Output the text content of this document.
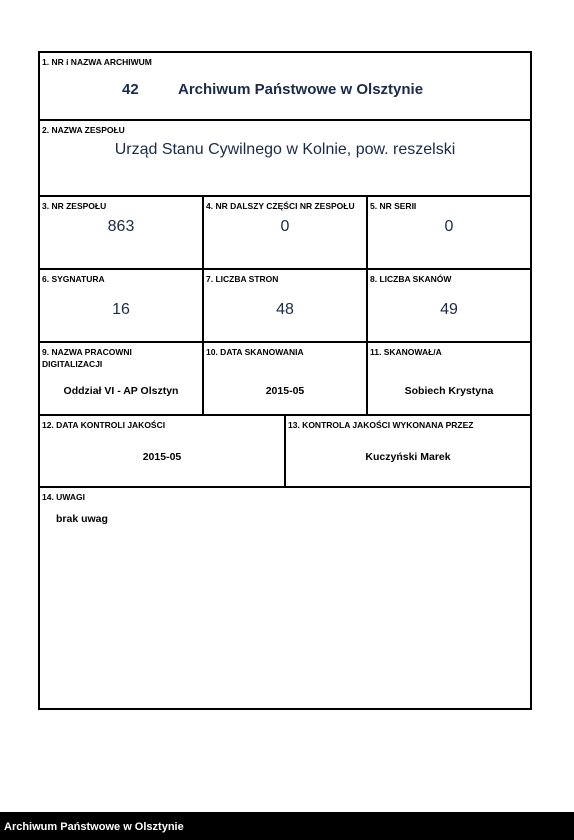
1. NR i NAZWA ARCHIWUM
42	Archiwum Państwowe w Olsztynie
2. NAZWA ZESPOŁU
Urząd Stanu Cywilnego w Kolnie, pow. reszelski
3. NR ZESPOŁU
863
4. NR DALSZY CZĘŚCI NR ZESPOŁU
0
5. NR SERII
0
6. SYGNATURA
16
7. LICZBA STRON
48
8. LICZBA SKANÓW
49
9. NAZWA PRACOWNI DIGITALIZACJI
Oddział VI - AP Olsztyn
10. DATA SKANOWANIA
2015-05
11. SKANOWAŁ/A
Sobiech Krystyna
12. DATA KONTROLI JAKOŚCI
2015-05
13. KONTROLA JAKOŚCI WYKONANA PRZEZ
Kuczyński Marek
14. UWAGI
brak uwag
Archiwum Państwowe w Olsztynie
